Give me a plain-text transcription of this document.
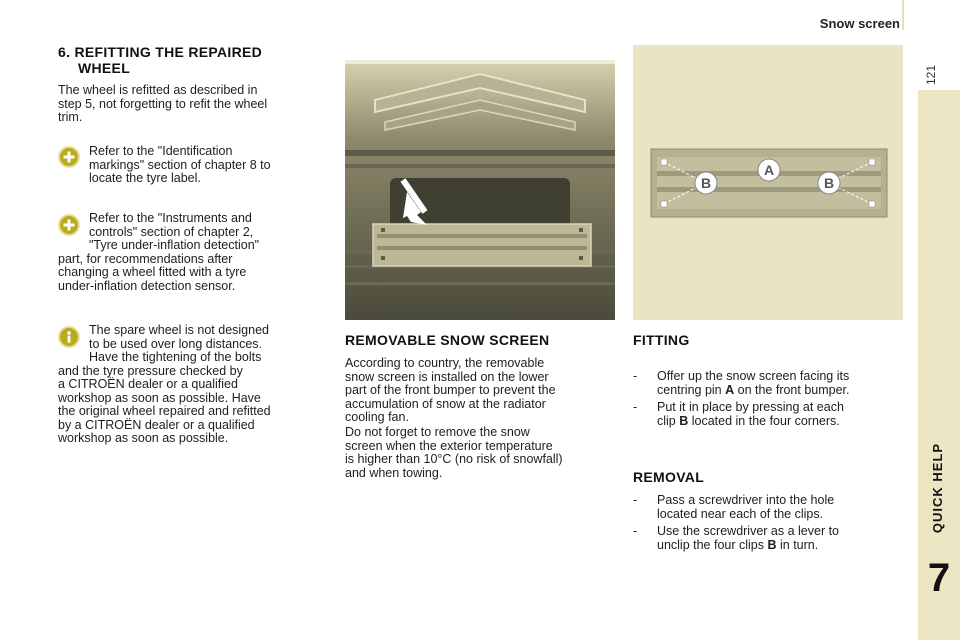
Snow screen
121
QUICK HELP
7
6. REFITTING THE REPAIRED
WHEEL
The wheel is refitted as described in
step 5, not forgetting to refit the wheel
trim.
Refer to the "Identification
markings" section of chapter 8 to
locate the tyre label.
Refer to the "Instruments and
controls" section of chapter 2,
"Tyre under-inflation detection"
part, for recommendations after
changing a wheel fitted with a tyre
under-inflation detection sensor.
The spare wheel is not designed
to be used over long distances.
Have the tightening of the bolts
and the tyre pressure checked by
a CITROËN dealer or a qualified
workshop as soon as possible. Have
the original wheel repaired and refitted
by a CITROËN dealer or a qualified
workshop as soon as possible.
REMOVABLE SNOW SCREEN
According to country, the removable
snow screen is installed on the lower
part of the front bumper to prevent the
accumulation of snow at the radiator
cooling fan.
Do not forget to remove the snow
screen when the exterior temperature
is higher than 10°C (no risk of snowfall)
and when towing.
A
B	B
FITTING
-	Offer up the snow screen facing its
centring pin A on the front bumper.
-	Put it in place by pressing at each
clip B located in the four corners.
REMOVAL
-	Pass a screwdriver into the hole
located near each of the clips.
-	Use the screwdriver as a lever to
unclip the four clips B in turn.
